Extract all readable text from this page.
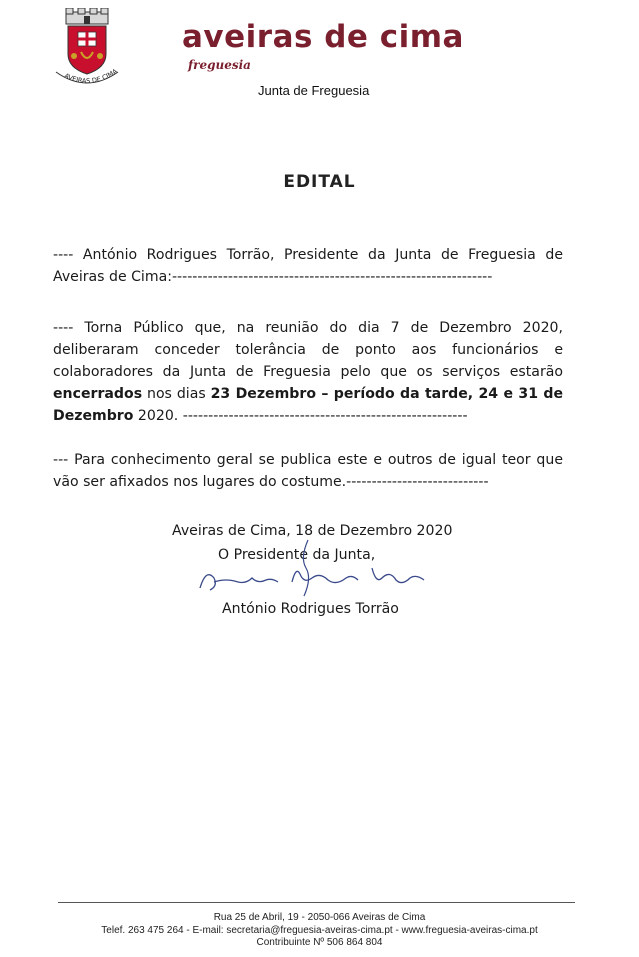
AVEIRAS DE CIMA
aveiras de cima
freguesia
Junta de Freguesia
EDITAL
---- António Rodrigues Torrão, Presidente da Junta de Freguesia de Aveiras de Cima:---------------------------------------------------------------
---- Torna Público que, na reunião do dia 7 de Dezembro 2020, deliberaram conceder tolerância de ponto aos funcionários e colaboradores da Junta de Freguesia pelo que os serviços estarão encerrados nos dias 23 Dezembro – período da tarde, 24 e 31 de Dezembro 2020. --------------------------------------------------------
--- Para conhecimento geral se publica este e outros de igual teor que vão ser afixados nos lugares do costume.----------------------------
Aveiras de Cima, 18 de Dezembro 2020
O Presidente da Junta,
António Rodrigues Torrão
Rua 25 de Abril, 19 - 2050-066 Aveiras de Cima
Telef. 263 475 264 - E-mail: secretaria@freguesia-aveiras-cima.pt - www.freguesia-aveiras-cima.pt
Contribuinte Nº 506 864 804
